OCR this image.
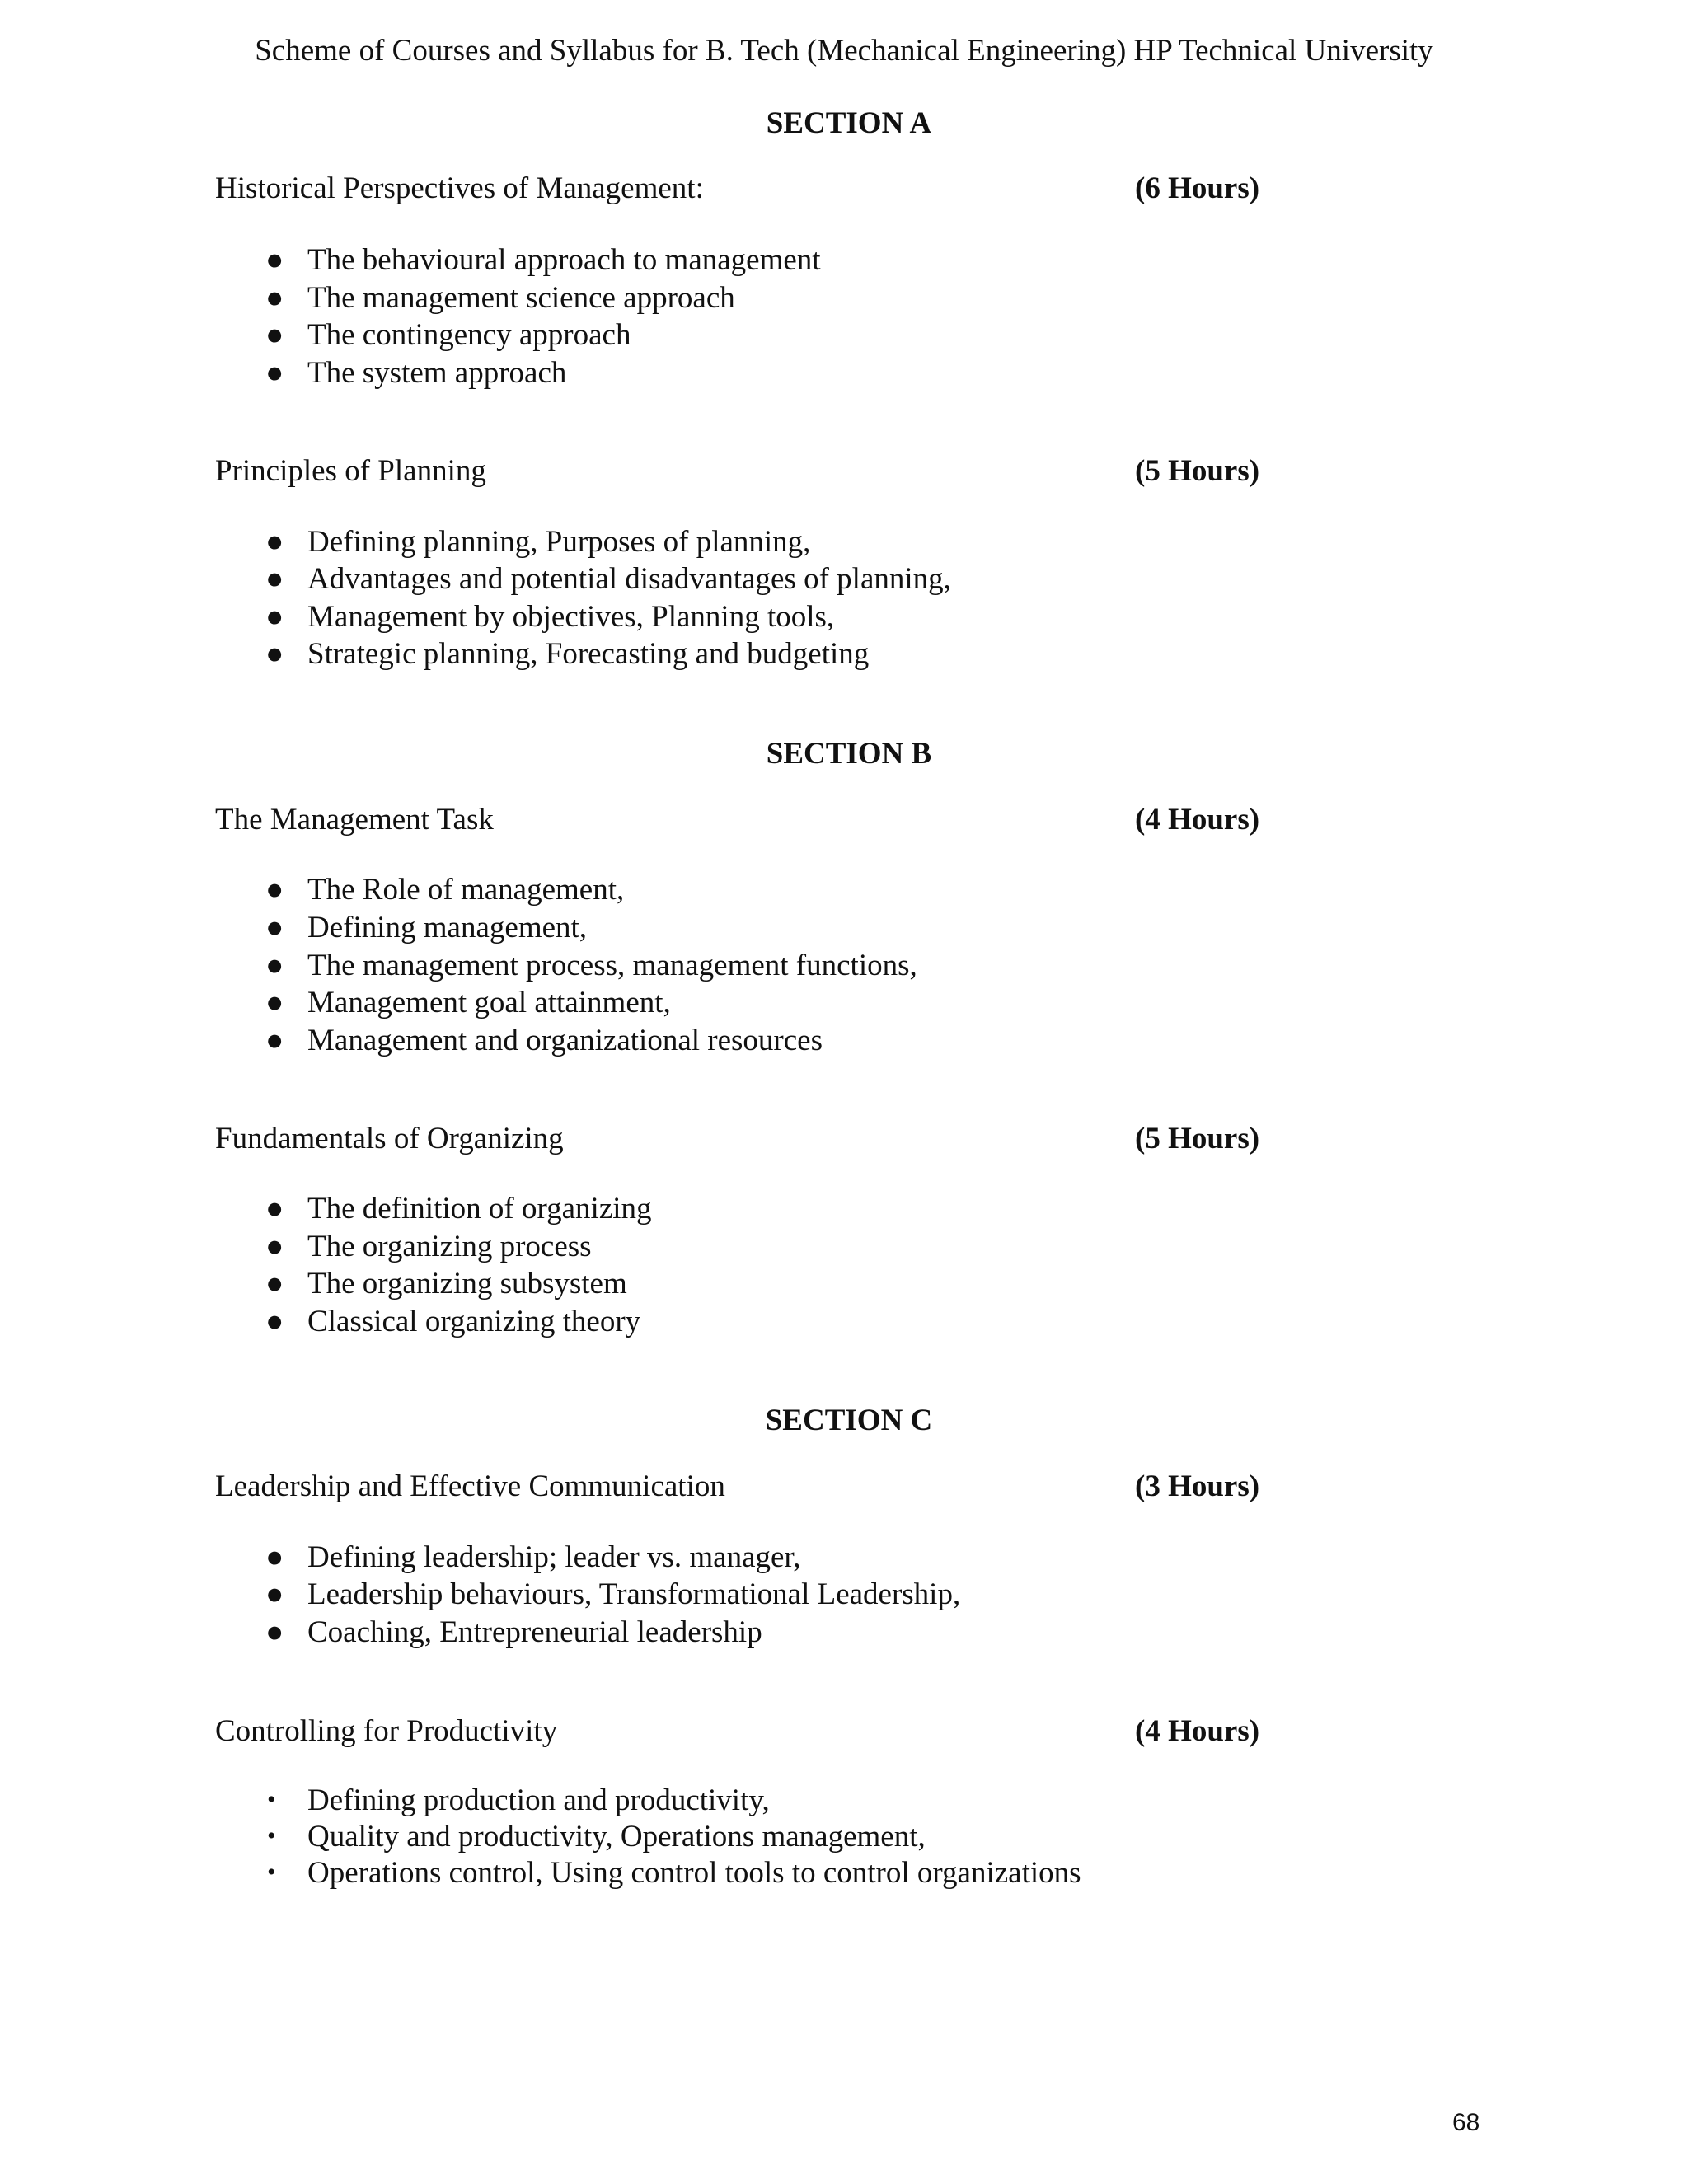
Scheme of Courses and Syllabus for B. Tech (Mechanical Engineering) HP Technical University
SECTION A
Historical Perspectives of Management:	(6 Hours)
● The behavioural approach to management
● The management science approach
● The contingency approach
● The system approach
Principles of Planning	(5 Hours)
● Defining planning, Purposes of planning,
● Advantages and potential disadvantages of planning,
● Management by objectives, Planning tools,
● Strategic planning, Forecasting and budgeting
SECTION B
The Management Task	(4 Hours)
● The Role of management,
● Defining management,
● The management process, management functions,
● Management goal attainment,
● Management and organizational resources
Fundamentals of Organizing	(5 Hours)
● The definition of organizing
● The organizing process
● The organizing subsystem
● Classical organizing theory
SECTION C
Leadership and Effective Communication	(3 Hours)
● Defining leadership; leader vs. manager,
● Leadership behaviours, Transformational Leadership,
● Coaching, Entrepreneurial leadership
Controlling for Productivity	(4 Hours)
• Defining production and productivity,
• Quality and productivity, Operations management,
• Operations control, Using control tools to control organizations
68
